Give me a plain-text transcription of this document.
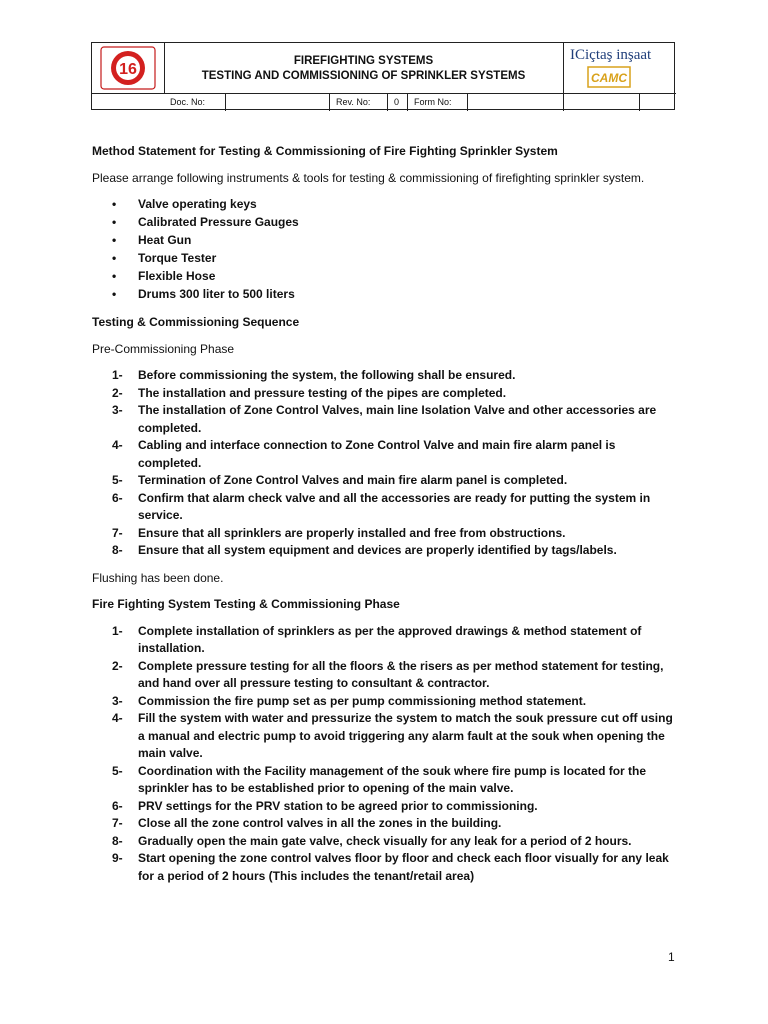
16	FIREFIGHTING SYSTEMS
TESTING AND COMMISSIONING OF SPRINKLER SYSTEMS
ICiçtaş inşaat
CAMC
Doc. No:	Rev. No:	0	Form No:

Method Statement for Testing & Commissioning of Fire Fighting Sprinkler System

Please arrange following instruments & tools for testing & commissioning of firefighting sprinkler system.

• Valve operating keys
• Calibrated Pressure Gauges
• Heat Gun
• Torque Tester
• Flexible Hose
• Drums 300 liter to 500 liters

Testing & Commissioning Sequence

Pre-Commissioning Phase

1- Before commissioning the system, the following shall be ensured.
2- The installation and pressure testing of the pipes are completed.
3- The installation of Zone Control Valves, main line Isolation Valve and other accessories are completed.
4- Cabling and interface connection to Zone Control Valve and main fire alarm panel is completed.
5- Termination of Zone Control Valves and main fire alarm panel is completed.
6- Confirm that alarm check valve and all the accessories are ready for putting the system in service.
7- Ensure that all sprinklers are properly installed and free from obstructions.
8- Ensure that all system equipment and devices are properly identified by tags/labels.

Flushing has been done.

Fire Fighting System Testing & Commissioning Phase

1- Complete installation of sprinklers as per the approved drawings & method statement of installation.
2- Complete pressure testing for all the floors & the risers as per method statement for testing, and hand over all pressure testing to consultant & contractor.
3- Commission the fire pump set as per pump commissioning method statement.
4- Fill the system with water and pressurize the system to match the souk pressure cut off using a manual and electric pump to avoid triggering any alarm fault at the souk when opening the main valve.
5- Coordination with the Facility management of the souk where fire pump is located for the sprinkler has to be established prior to opening of the main valve.
6- PRV settings for the PRV station to be agreed prior to commissioning.
7- Close all the zone control valves in all the zones in the building.
8- Gradually open the main gate valve, check visually for any leak for a period of 2 hours.
9- Start opening the zone control valves floor by floor and check each floor visually for any leak for a period of 2 hours (This includes the tenant/retail area)
1
